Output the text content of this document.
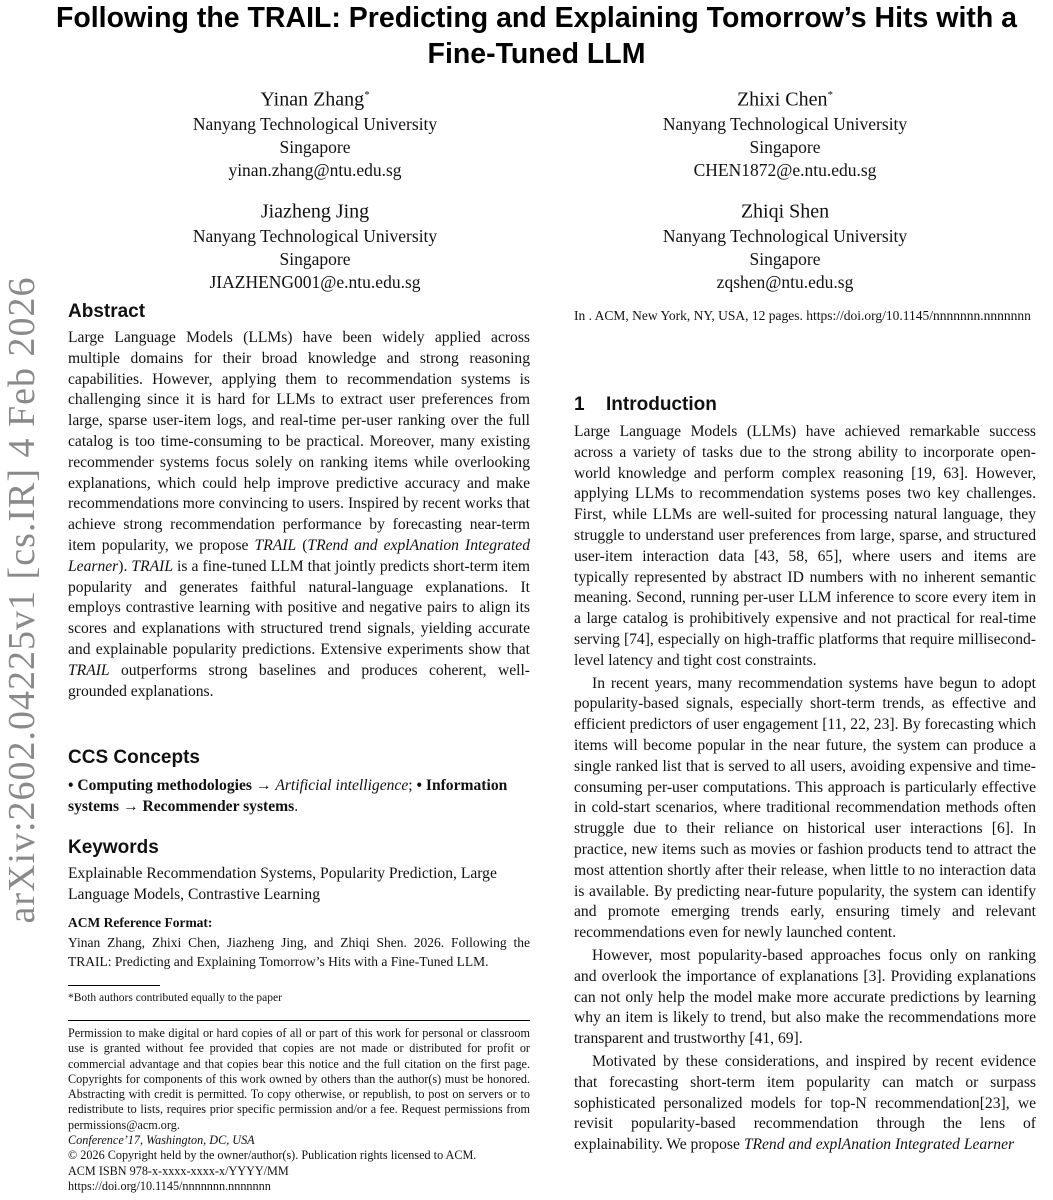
arXiv:2602.04225v1 [cs.IR] 4 Feb 2026
Following the TRAIL: Predicting and Explaining Tomorrow’s Hits with a Fine-Tuned LLM
Yinan Zhang*
Nanyang Technological University
Singapore
yinan.zhang@ntu.edu.sg
Zhixi Chen*
Nanyang Technological University
Singapore
CHEN1872@e.ntu.edu.sg
Jiazheng Jing
Nanyang Technological University
Singapore
JIAZHENG001@e.ntu.edu.sg
Zhiqi Shen
Nanyang Technological University
Singapore
zqshen@ntu.edu.sg
Abstract

Large Language Models (LLMs) have been widely applied across multiple domains for their broad knowledge and strong reasoning capabilities. However, applying them to recommendation systems is challenging since it is hard for LLMs to extract user preferences from large, sparse user-item logs, and real-time per-user ranking over the full catalog is too time-consuming to be practical. Moreover, many existing recommender systems focus solely on ranking items while overlooking explanations, which could help improve predictive accuracy and make recommendations more convincing to users. Inspired by recent works that achieve strong recommendation performance by forecasting near-term item popularity, we propose TRAIL (TRend and explAnation Integrated Learner). TRAIL is a fine-tuned LLM that jointly predicts short-term item popularity and generates faithful natural-language explanations. It employs contrastive learning with positive and negative pairs to align its scores and explanations with structured trend signals, yielding accurate and explainable popularity predictions. Extensive experiments show that TRAIL outperforms strong baselines and produces coherent, well-grounded explanations.

CCS Concepts

• Computing methodologies → Artificial intelligence; • Information systems → Recommender systems.

Keywords

Explainable Recommendation Systems, Popularity Prediction, Large Language Models, Contrastive Learning

ACM Reference Format:

Yinan Zhang, Zhixi Chen, Jiazheng Jing, and Zhiqi Shen. 2026. Following the TRAIL: Predicting and Explaining Tomorrow’s Hits with a Fine-Tuned LLM.

*Both authors contributed equally to the paper

Permission to make digital or hard copies of all or part of this work for personal or classroom use is granted without fee provided that copies are not made or distributed for profit or commercial advantage and that copies bear this notice and the full citation on the first page. Copyrights for components of this work owned by others than the author(s) must be honored. Abstracting with credit is permitted. To copy otherwise, or republish, to post on servers or to redistribute to lists, requires prior specific permission and/or a fee. Request permissions from permissions@acm.org.

Conference’17, Washington, DC, USA

© 2026 Copyright held by the owner/author(s). Publication rights licensed to ACM.

ACM ISBN 978-x-xxxx-xxxx-x/YYYY/MM

https://doi.org/10.1145/nnnnnnn.nnnnnnn

In . ACM, New York, NY, USA, 12 pages. https://doi.org/10.1145/nnnnnnn.nnnnnnn

1 Introduction

Large Language Models (LLMs) have achieved remarkable success across a variety of tasks due to the strong ability to incorporate open-world knowledge and perform complex reasoning [19, 63]. However, applying LLMs to recommendation systems poses two key challenges. First, while LLMs are well-suited for processing natural language, they struggle to understand user preferences from large, sparse, and structured user-item interaction data [43, 58, 65], where users and items are typically represented by abstract ID numbers with no inherent semantic meaning. Second, running per-user LLM inference to score every item in a large catalog is prohibitively expensive and not practical for real-time serving [74], especially on high-traffic platforms that require millisecond-level latency and tight cost constraints.

In recent years, many recommendation systems have begun to adopt popularity-based signals, especially short-term trends, as effective and efficient predictors of user engagement [11, 22, 23]. By forecasting which items will become popular in the near future, the system can produce a single ranked list that is served to all users, avoiding expensive and time-consuming per-user computations. This approach is particularly effective in cold-start scenarios, where traditional recommendation methods often struggle due to their reliance on historical user interactions [6]. In practice, new items such as movies or fashion products tend to attract the most attention shortly after their release, when little to no interaction data is available. By predicting near-future popularity, the system can identify and promote emerging trends early, ensuring timely and relevant recommendations even for newly launched content.

However, most popularity-based approaches focus only on ranking and overlook the importance of explanations [3]. Providing explanations can not only help the model make more accurate predictions by learning why an item is likely to trend, but also make the recommendations more transparent and trustworthy [41, 69].

Motivated by these considerations, and inspired by recent evidence that forecasting short-term item popularity can match or surpass sophisticated personalized models for top-N recommendation[23], we revisit popularity-based recommendation through the lens of explainability. We propose TRend and explAnation Integrated Learner
